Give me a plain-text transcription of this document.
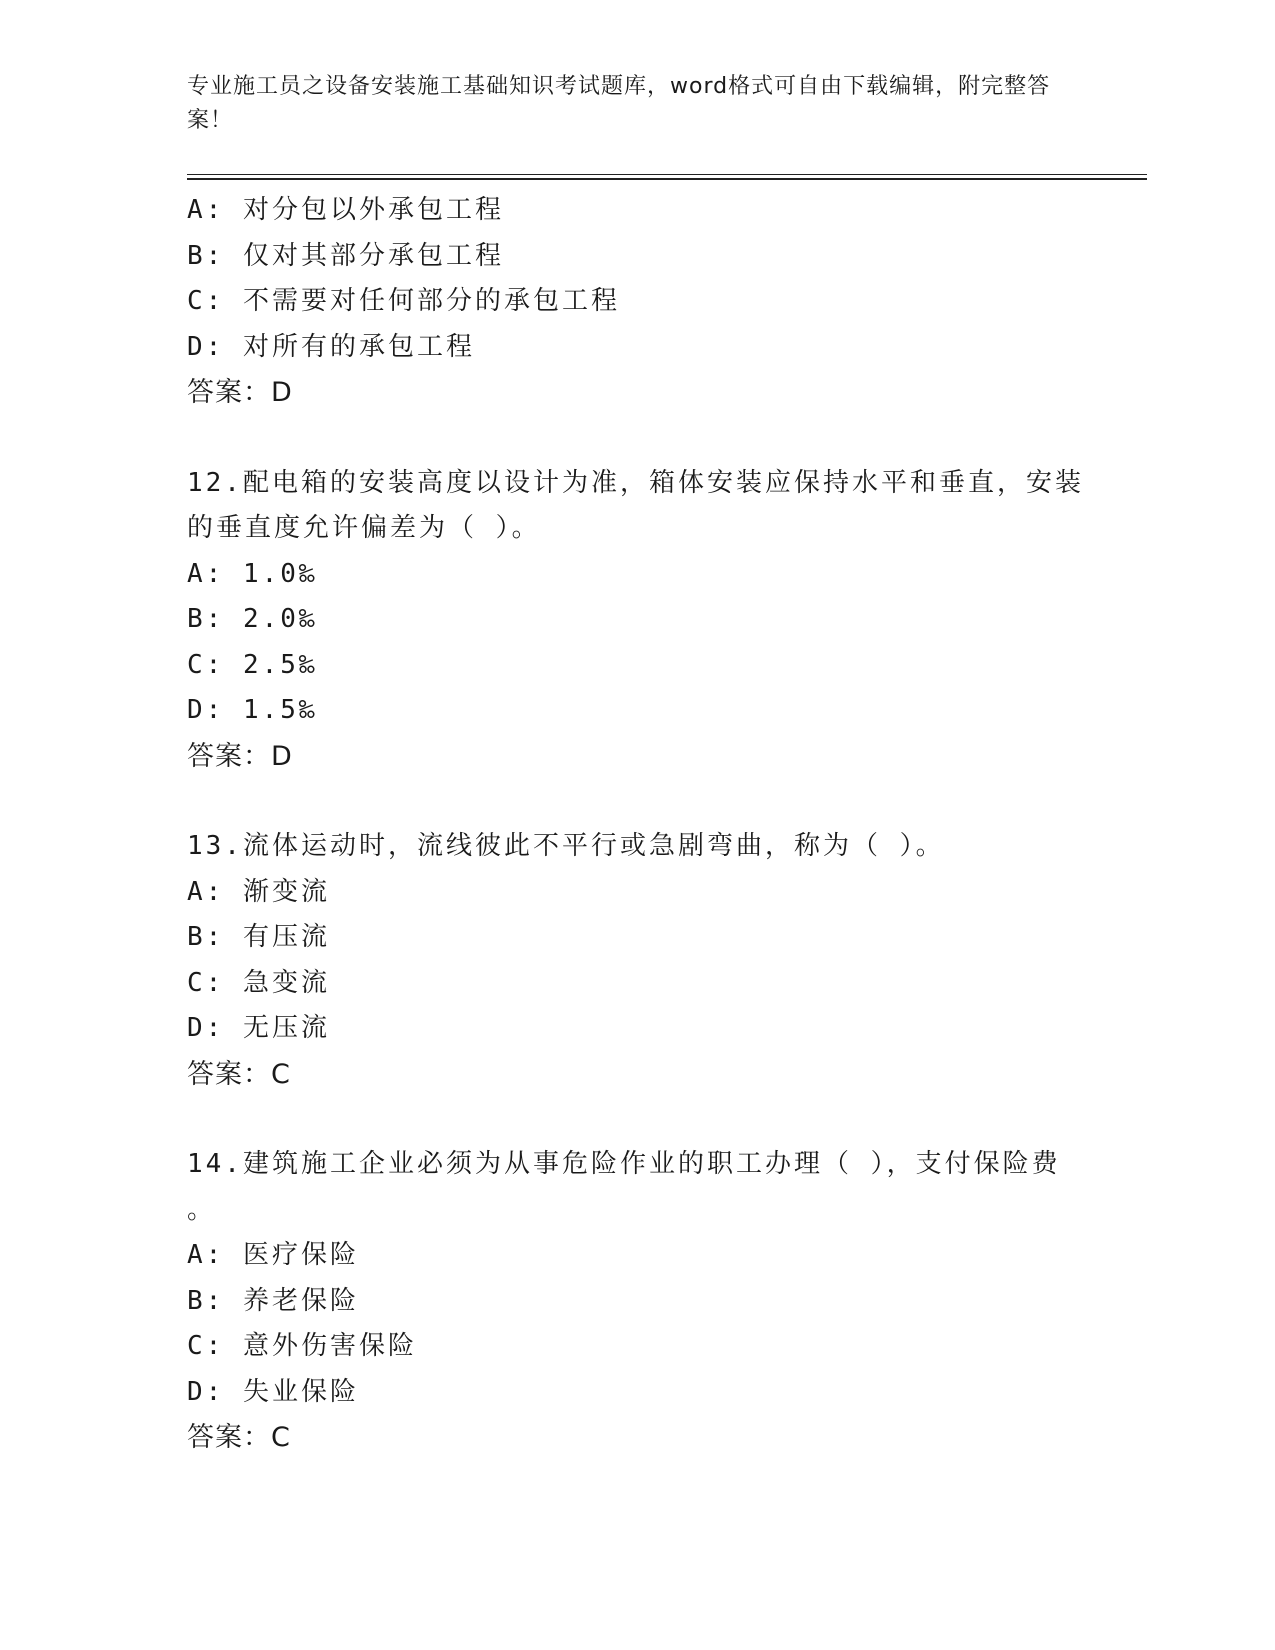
专业施工员之设备安装施工基础知识考试题库，word格式可自由下载编辑，附完整答案！
A: 对分包以外承包工程
B: 仅对其部分承包工程
C: 不需要对任何部分的承包工程
D: 对所有的承包工程
答案：D
12.配电箱的安装高度以设计为准，箱体安装应保持水平和垂直，安装的垂直度允许偏差为（ ）。
A: 1.0‰
B: 2.0‰
C: 2.5‰
D: 1.5‰
答案：D
13.流体运动时，流线彼此不平行或急剧弯曲，称为（ ）。
A: 渐变流
B: 有压流
C: 急变流
D: 无压流
答案：C
14.建筑施工企业必须为从事危险作业的职工办理（ ），支付保险费
。
A: 医疗保险
B: 养老保险
C: 意外伤害保险
D: 失业保险
答案：C
